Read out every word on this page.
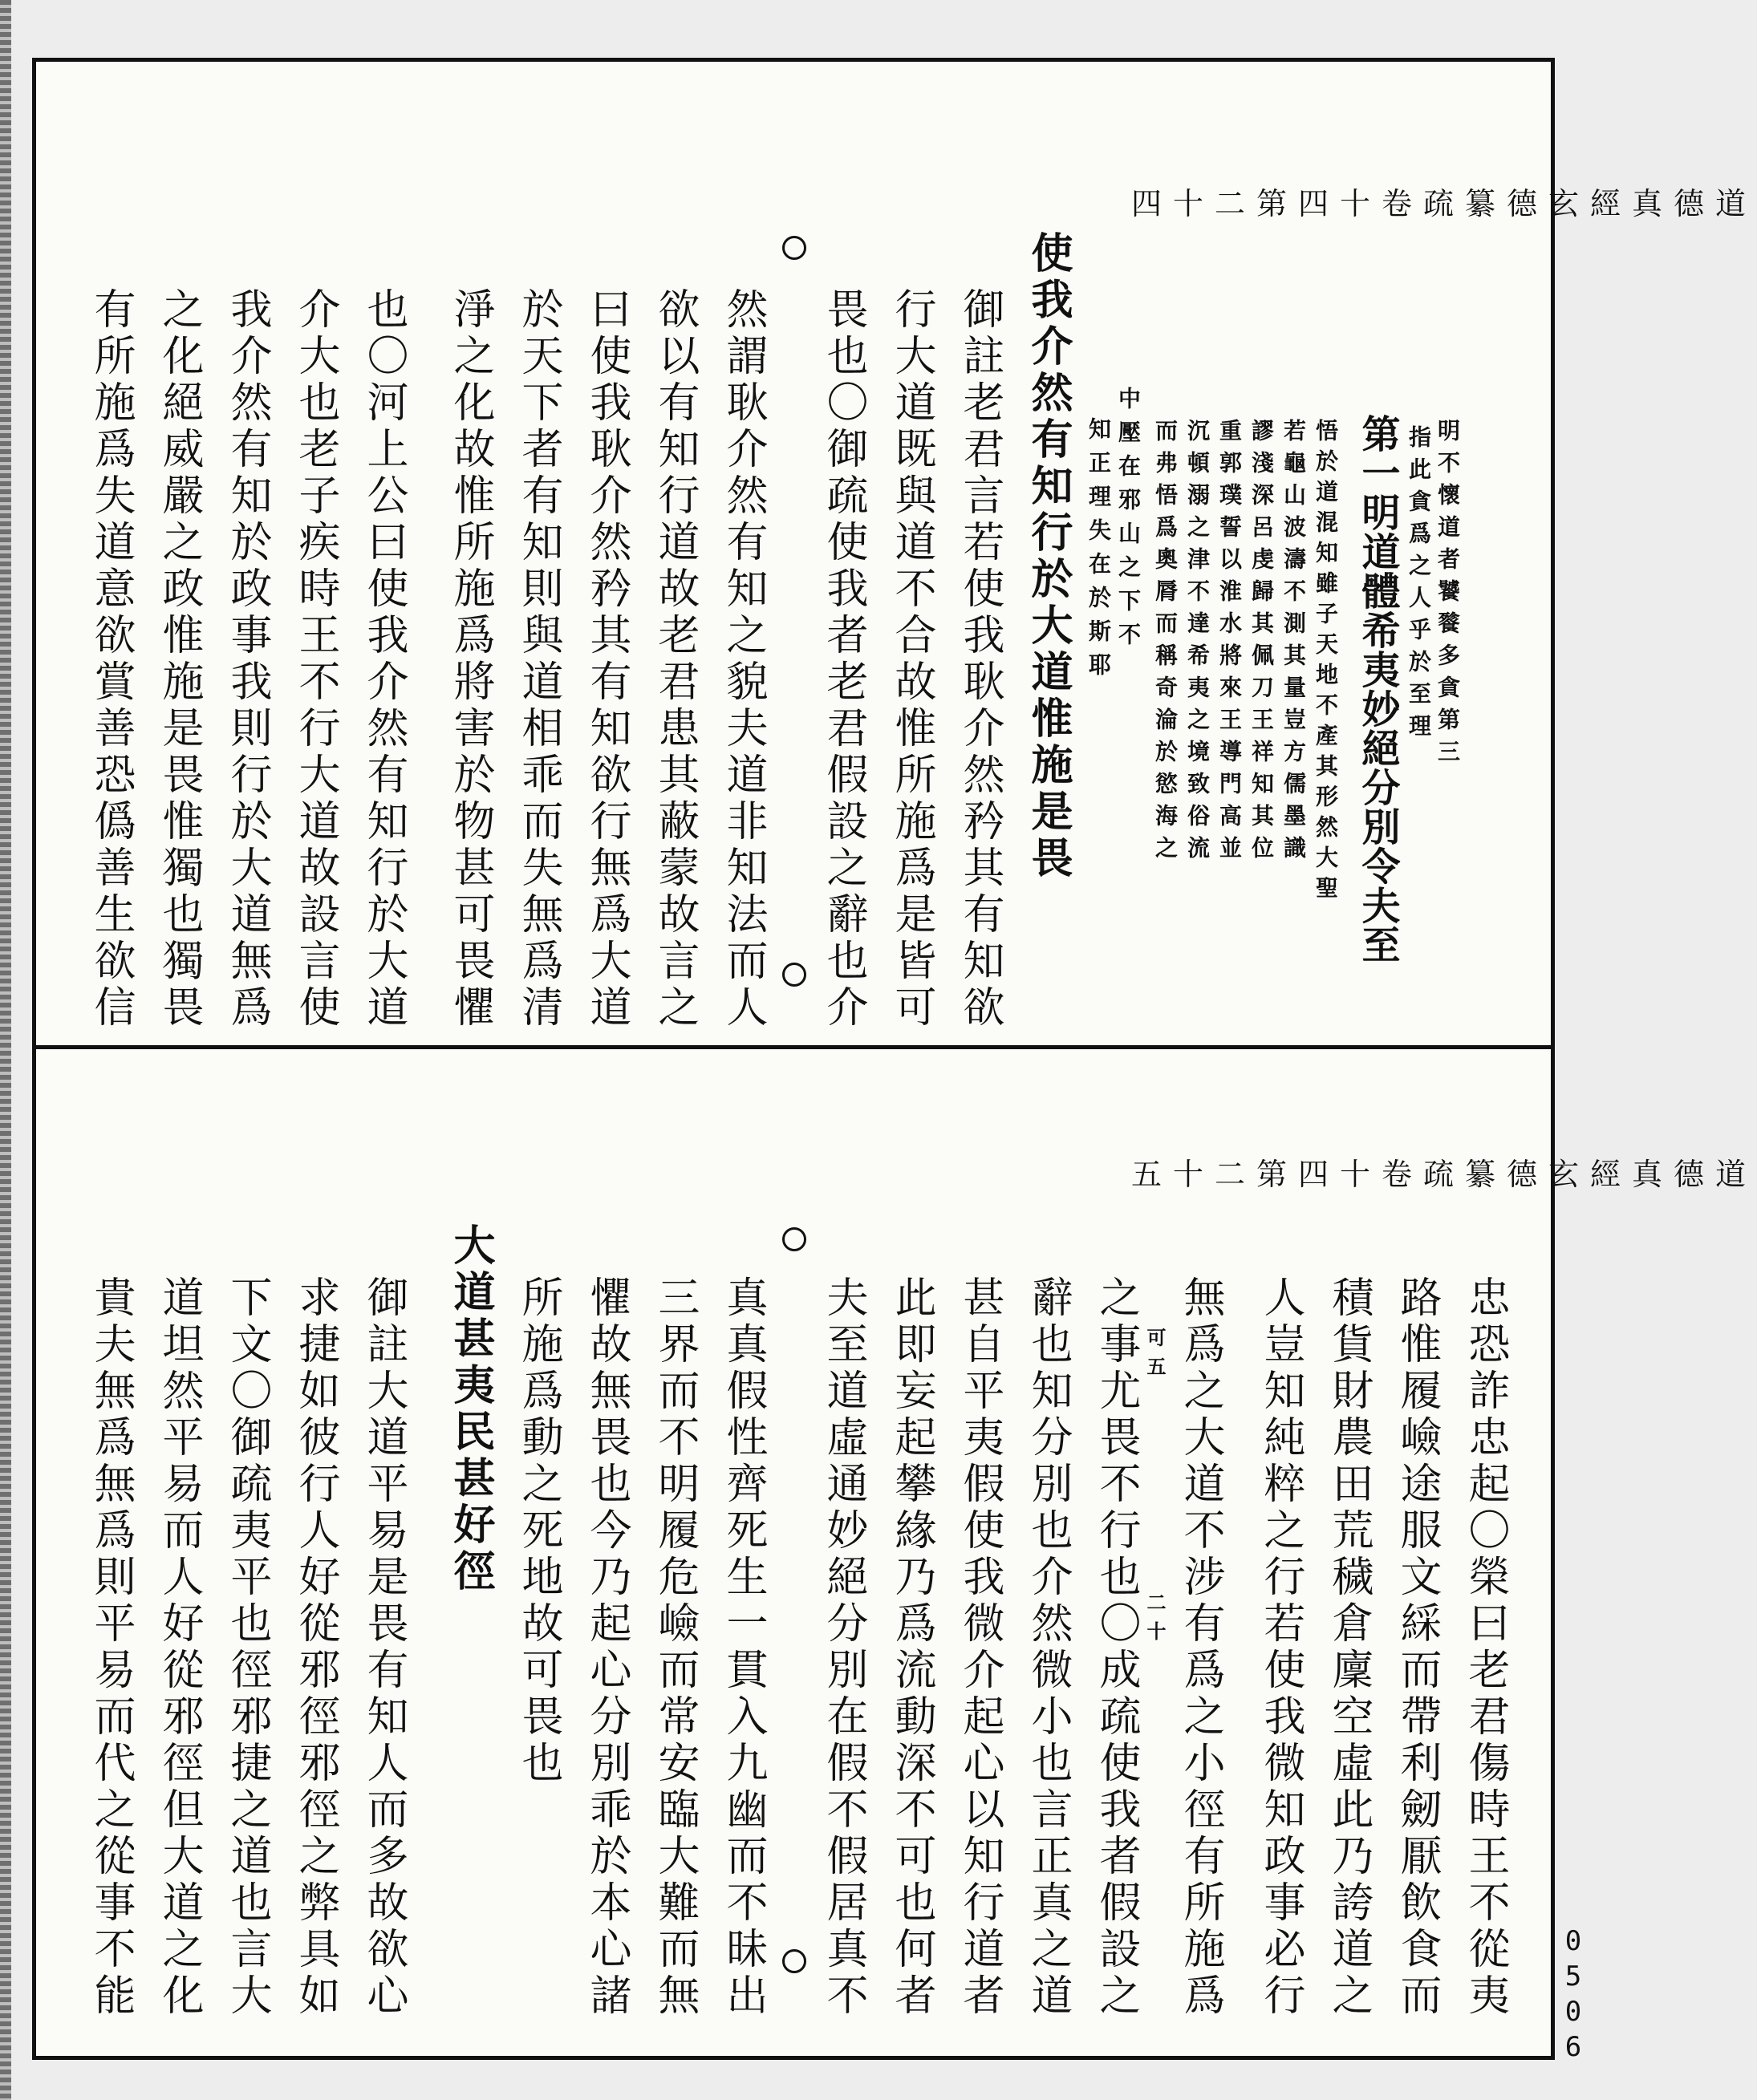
道德真經玄德纂疏卷十四第二十四
明不懷道者饕餮多貪第三
指此貪爲之人乎於至理
第一明道體希夷妙絕分別令夫至
悟於道混知雖子天地不產其形然大聖
若龜山波濤不測其量豈方儒墨識
謬淺深呂虔歸其佩刀王祥知其位
重郭璞誓以淮水將來王導門高並
沉頓溺之津不達希夷之境致俗流
而弗悟爲奧脣而稱奇淪於慾海之
使我介然有知行於大道惟施是畏 中壓在邪山之下不
知正理失在於斯耶
御註老君言若使我耿介然矜其有知欲
行大道既與道不合故惟所施爲是皆可
畏也〇御疏使我者老君假設之辭也介
然謂耿介然有知之貌夫道非知法而人
欲以有知行道故老君患其蔽蒙故言之
曰使我耿介然矜其有知欲行無爲大道
於天下者有知則與道相乖而失無爲清
淨之化故惟所施爲將害於物甚可畏懼
也〇河上公曰使我介然有知行於大道
介大也老子疾時王不行大道故設言使
我介然有知於政事我則行於大道無爲
之化絕威嚴之政惟施是畏惟獨也獨畏
有所施爲失道意欲賞善恐僞善生欲信
道德真經玄德纂疏卷十四第二十五
忠恐詐忠起〇榮曰老君傷時王不從夷
路惟履嶮途服文綵而帶利劒厭飲食而
積貨財農田荒穢倉廩空虛此乃誇道之
人豈知純粹之行若使我微知政事必行
無爲之大道不涉有爲之小徑有所施爲
可五
二十
之事尤畏不行也〇成疏使我者假設之
辭也知分別也介然微小也言正真之道
甚自平夷假使我微介起心以知行道者
此即妄起攀緣乃爲流動深不可也何者
夫至道虛通妙絕分別在假不假居真不
真真假性齊死生一貫入九幽而不昧出
三界而不明履危嶮而常安臨大難而無
懼故無畏也今乃起心分別乖於本心諸
所施爲動之死地故可畏也
大道甚夷民甚好徑
御註大道平易是畏有知人而多故欲心
求捷如彼行人好從邪徑邪徑之弊具如
下文〇御疏夷平也徑邪捷之道也言大
道坦然平易而人好從邪徑但大道之化
貴夫無爲無爲則平易而代之從事不能	0506
